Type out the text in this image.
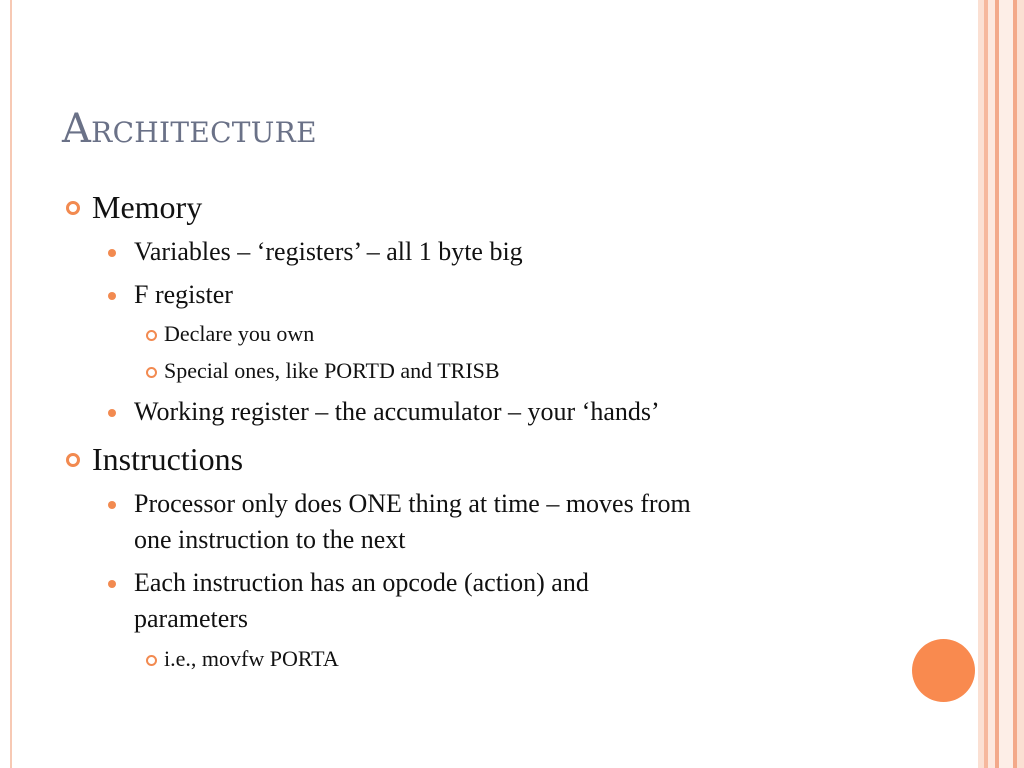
Architecture
Memory
Variables – ‘registers’ – all 1 byte big
F register
Declare you own
Special ones, like PORTD and TRISB
Working register – the accumulator – your ‘hands’
Instructions
Processor only does ONE thing at time – moves from
one instruction to the next
Each instruction has an opcode (action) and
parameters
i.e., movfw PORTA
